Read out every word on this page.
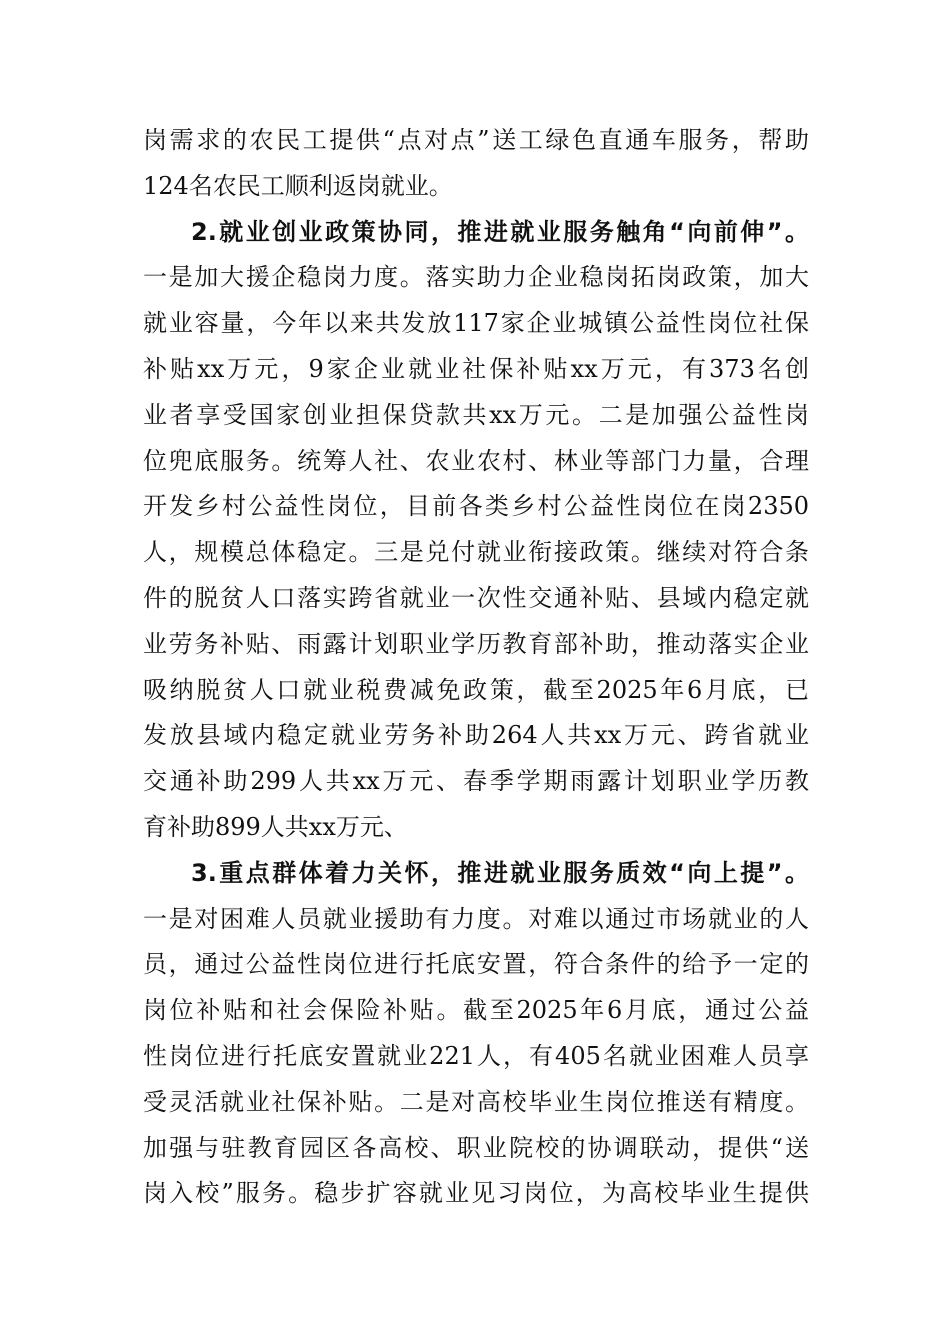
岗需求的农民工提供“点对点”送工绿色直通车服务，帮助
124名农民工顺利返岗就业。
2.就业创业政策协同，推进就业服务触角“向前伸”。
一是加大援企稳岗力度。落实助力企业稳岗拓岗政策，加大
就业容量，今年以来共发放117家企业城镇公益性岗位社保
补贴xx万元，9家企业就业社保补贴xx万元，有373名创
业者享受国家创业担保贷款共xx万元。二是加强公益性岗
位兜底服务。统筹人社、农业农村、林业等部门力量，合理
开发乡村公益性岗位，目前各类乡村公益性岗位在岗2350
人，规模总体稳定。三是兑付就业衔接政策。继续对符合条
件的脱贫人口落实跨省就业一次性交通补贴、县域内稳定就
业劳务补贴、雨露计划职业学历教育部补助，推动落实企业
吸纳脱贫人口就业税费减免政策，截至2025年6月底，已
发放县域内稳定就业劳务补助264人共xx万元、跨省就业
交通补助299人共xx万元、春季学期雨露计划职业学历教
育补助899人共xx万元、
3.重点群体着力关怀，推进就业服务质效“向上提”。
一是对困难人员就业援助有力度。对难以通过市场就业的人
员，通过公益性岗位进行托底安置，符合条件的给予一定的
岗位补贴和社会保险补贴。截至2025年6月底，通过公益
性岗位进行托底安置就业221人，有405名就业困难人员享
受灵活就业社保补贴。二是对高校毕业生岗位推送有精度。
加强与驻教育园区各高校、职业院校的协调联动，提供“送
岗入校”服务。稳步扩容就业见习岗位，为高校毕业生提供
